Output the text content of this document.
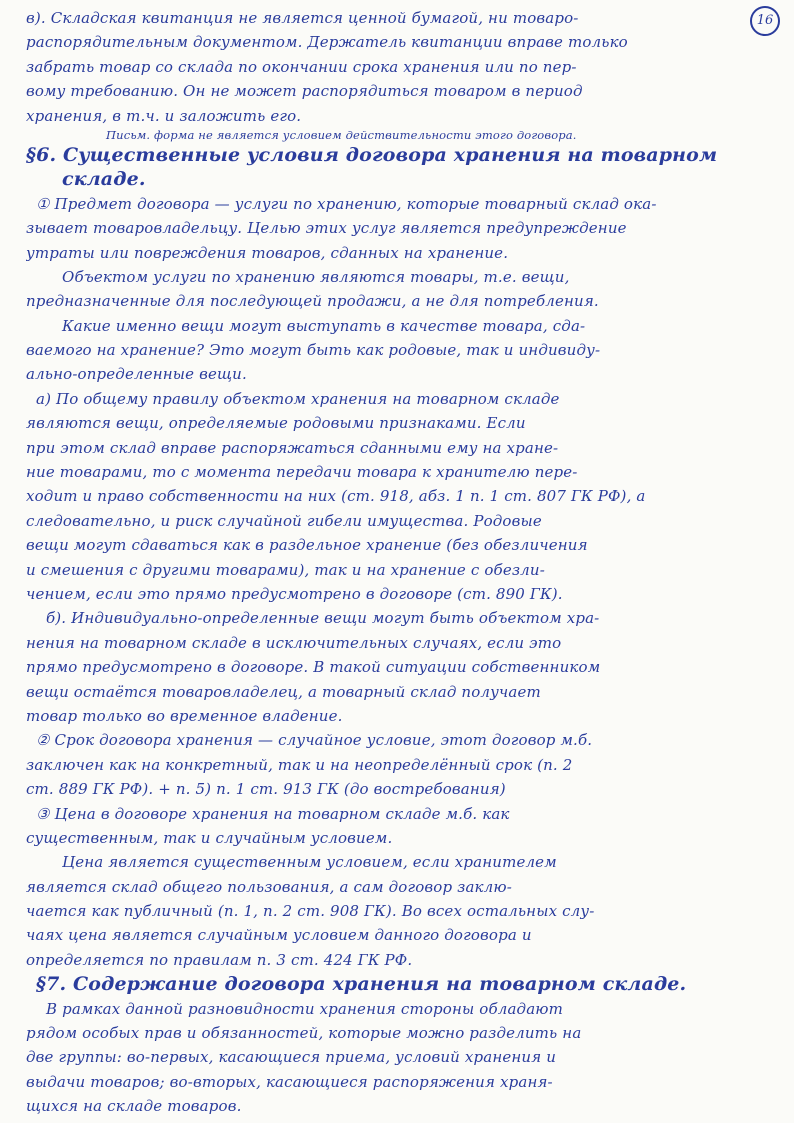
16
в). Складская квитанция не является ценной бумагой, ни товаро-
распорядительным документом. Держатель квитанции вправе только
забрать товар со склада по окончании срока хранения или по пер-
вому требованию. Он не может распорядиться товаром в период
хранения, в т.ч. и заложить его.
Письм. форма не является условием действительности этого договора.
§6. Существенные условия договора хранения на товарном
складе.
① Предмет договора — услуги по хранению, которые товарный склад ока-
зывает товаровладельцу. Целью этих услуг является предупреждение
утраты или повреждения товаров, сданных на хранение.
Объектом услуги по хранению являются товары, т.е. вещи,
предназначенные для последующей продажи, а не для потребления.
Какие именно вещи могут выступать в качестве товара, сда-
ваемого на хранение? Это могут быть как родовые, так и индивиду-
ально-определенные вещи.
а) По общему правилу объектом хранения на товарном складе
являются вещи, определяемые родовыми признаками. Если
при этом склад вправе распоряжаться сданными ему на хране-
ние товарами, то с момента передачи товара к хранителю пере-
ходит и право собственности на них (ст. 918, абз. 1 п. 1 ст. 807 ГК РФ), а
следовательно, и риск случайной гибели имущества. Родовые
вещи могут сдаваться как в раздельное хранение (без обезличения
и смешения с другими товарами), так и на хранение с обезли-
чением, если это прямо предусмотрено в договоре (ст. 890 ГК).
б). Индивидуально-определенные вещи могут быть объектом хра-
нения на товарном складе в исключительных случаях, если это
прямо предусмотрено в договоре. В такой ситуации собственником
вещи остаётся товаровладелец, а товарный склад получает
товар только во временное владение.
② Срок договора хранения — случайное условие, этот договор м.б.
заключен как на конкретный, так и на неопределённый срок (п. 2
ст. 889 ГК РФ). + п. 5) п. 1 ст. 913 ГК (до востребования)
③ Цена в договоре хранения на товарном складе м.б. как
существенным, так и случайным условием.
Цена является существенным условием, если хранителем
является склад общего пользования, а сам договор заклю-
чается как публичный (п. 1, п. 2 ст. 908 ГК). Во всех остальных слу-
чаях цена является случайным условием данного договора и
определяется по правилам п. 3 ст. 424 ГК РФ.
§7. Содержание договора хранения на товарном складе.
В рамках данной разновидности хранения стороны обладают
рядом особых прав и обязанностей, которые можно разделить на
две группы: во-первых, касающиеся приема, условий хранения и
выдачи товаров; во-вторых, касающиеся распоряжения храня-
щихся на складе товаров.
